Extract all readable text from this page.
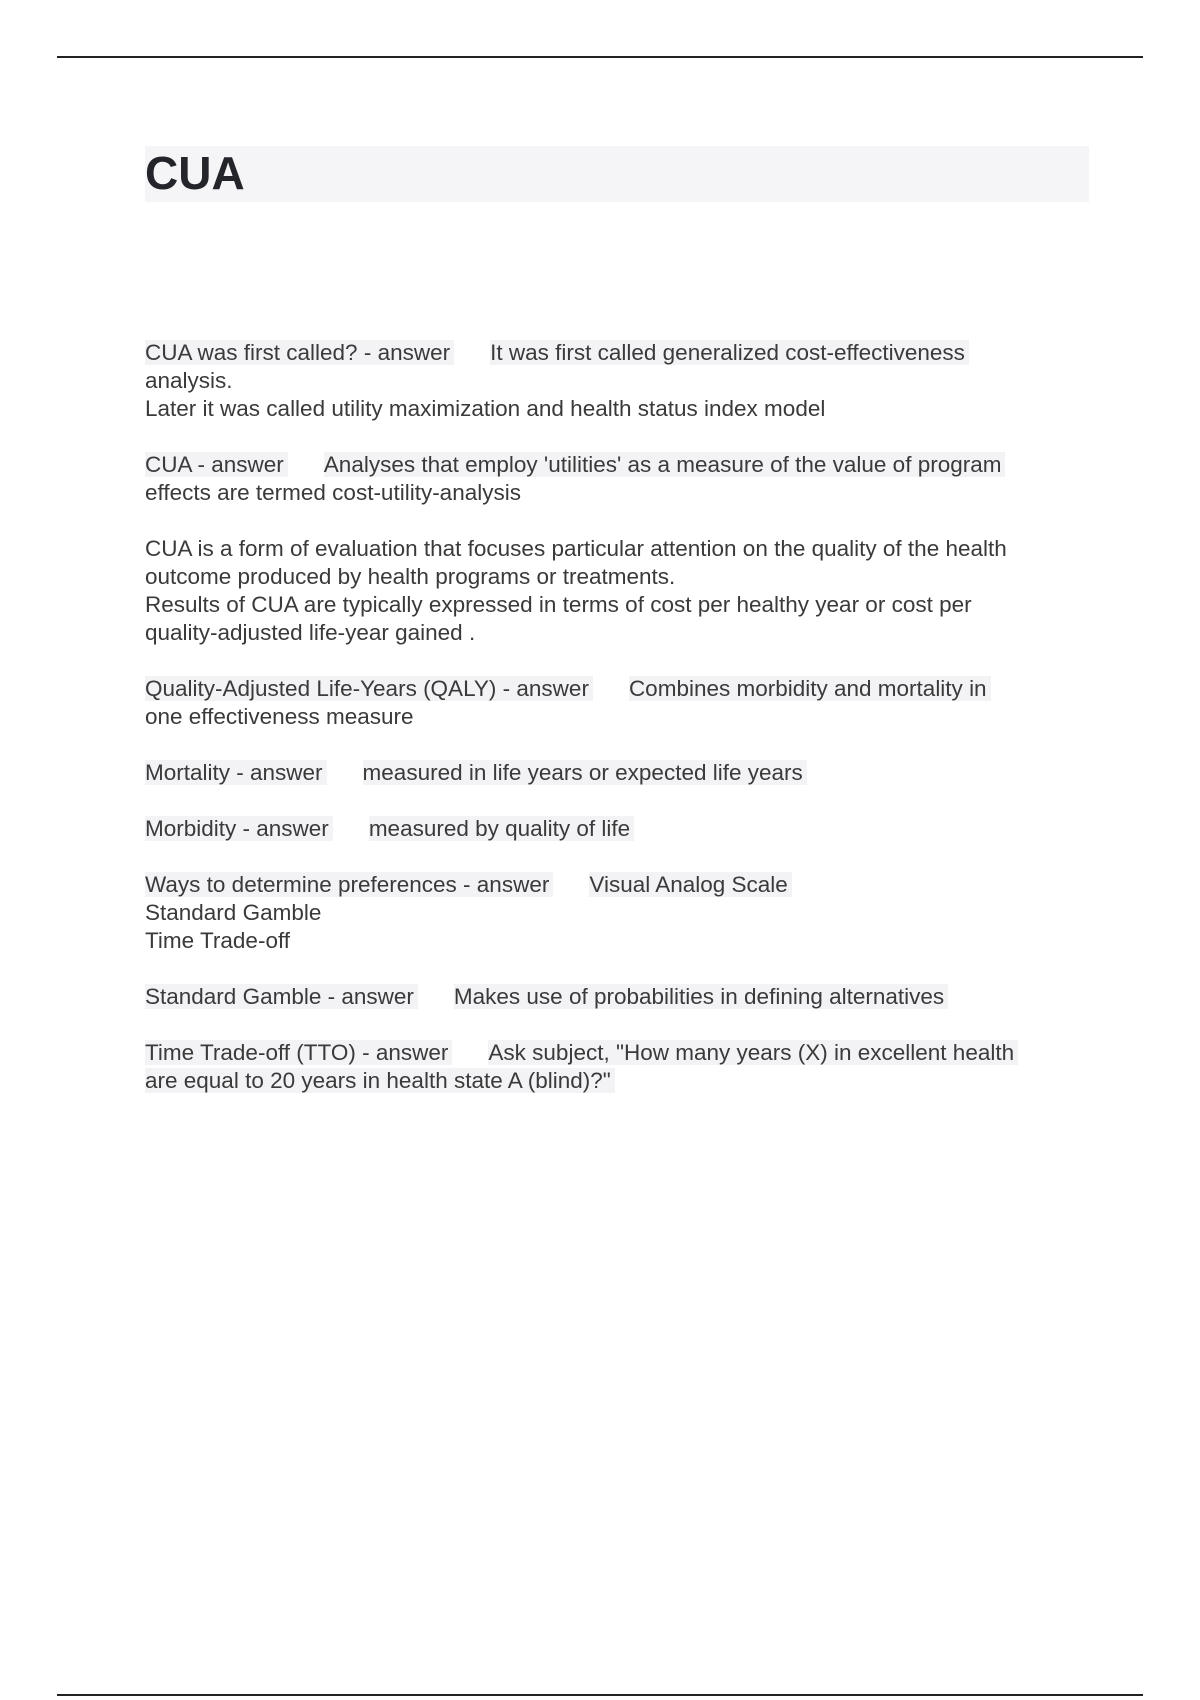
CUA

CUA was first called? - answer It was first called generalized cost-effectiveness
analysis.
Later it was called utility maximization and health status index model

CUA - answer Analyses that employ 'utilities' as a measure of the value of program
effects are termed cost-utility-analysis

CUA is a form of evaluation that focuses particular attention on the quality of the health
outcome produced by health programs or treatments.
Results of CUA are typically expressed in terms of cost per healthy year or cost per
quality-adjusted life-year gained .

Quality-Adjusted Life-Years (QALY) - answer Combines morbidity and mortality in
one effectiveness measure

Mortality - answer measured in life years or expected life years

Morbidity - answer measured by quality of life

Ways to determine preferences - answer Visual Analog Scale
Standard Gamble
Time Trade-off

Standard Gamble - answer Makes use of probabilities in defining alternatives

Time Trade-off (TTO) - answer Ask subject, "How many years (X) in excellent health
are equal to 20 years in health state A (blind)?"
